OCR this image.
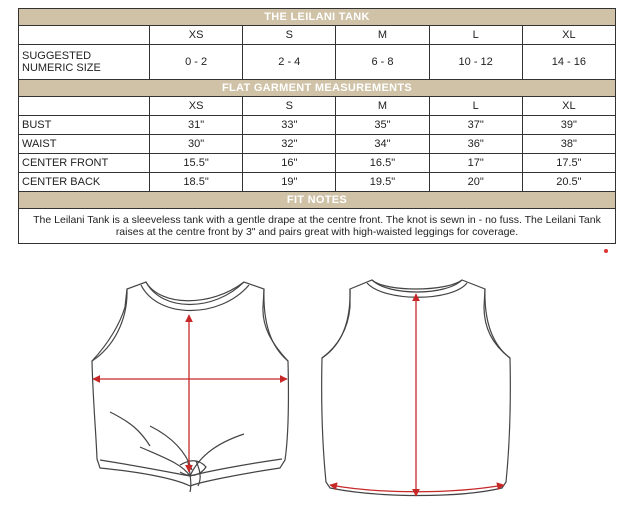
THE LEILANI TANK					
	XS	S	M	L	XL
SUGGESTED NUMERIC SIZE	0 - 2	2 - 4	6 - 8	10 - 12	14 - 16
FLAT GARMENT MEASUREMENTS					
	XS	S	M	L	XL
BUST	31"	33"	35"	37"	39"
WAIST	30"	32"	34"	36"	38"
CENTER FRONT	15.5"	16"	16.5"	17"	17.5"
CENTER BACK	18.5"	19"	19.5"	20"	20.5"
FIT NOTES					
The Leilani Tank is a sleeveless tank with a gentle drape at the centre front. The knot is sewn in - no fuss. The Leilani Tank raises at the centre front by 3" and pairs great with high-waisted leggings for coverage.					
